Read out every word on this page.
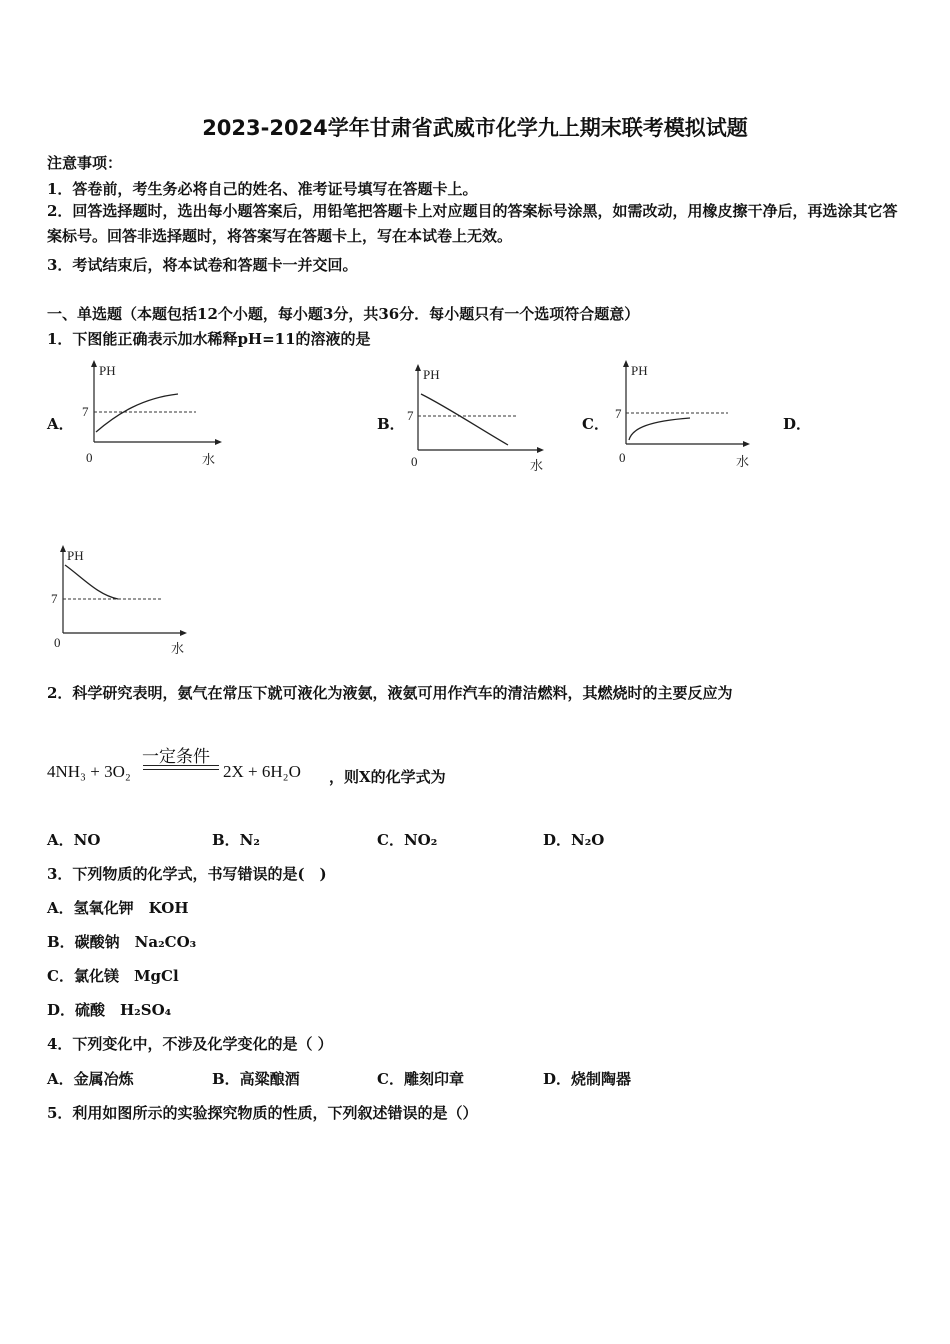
2023-2024学年甘肃省武威市化学九上期末联考模拟试题
注意事项：
1．答卷前，考生务必将自己的姓名、准考证号填写在答题卡上。
2．回答选择题时，选出每小题答案后，用铅笔把答题卡上对应题目的答案标号涂黑，如需改动，用橡皮擦干净后，再选涂其它答案标号。回答非选择题时，将答案写在答题卡上，写在本试卷上无效。
3．考试结束后，将本试卷和答题卡一并交回。
一、单选题（本题包括12个小题，每小题3分，共36分．每小题只有一个选项符合题意）
1．下图能正确表示加水稀释pH=11的溶液的是
A．	B．	C．	D．
PH
7
0	水
PH
7
0	水
PH
7
0	水
PH
7
0	水
2．科学研究表明，氨气在常压下就可液化为液氨，液氨可用作汽车的清洁燃料，其燃烧时的主要反应为
4NH₃ + 3O₂
一定条件
2X + 6H₂O ，则X的化学式为
A．NO	B．N₂	C．NO₂	D．N₂O
3．下列物质的化学式，书写错误的是(　)
A．氢氧化钾　KOH
B．碳酸钠　Na₂CO₃
C．氯化镁　MgCl
D．硫酸　H₂SO₄
4．下列变化中，不涉及化学变化的是（ ）
A．金属冶炼	B．高粱酿酒	C．雕刻印章	D．烧制陶器
5．利用如图所示的实验探究物质的性质，下列叙述错误的是（）
